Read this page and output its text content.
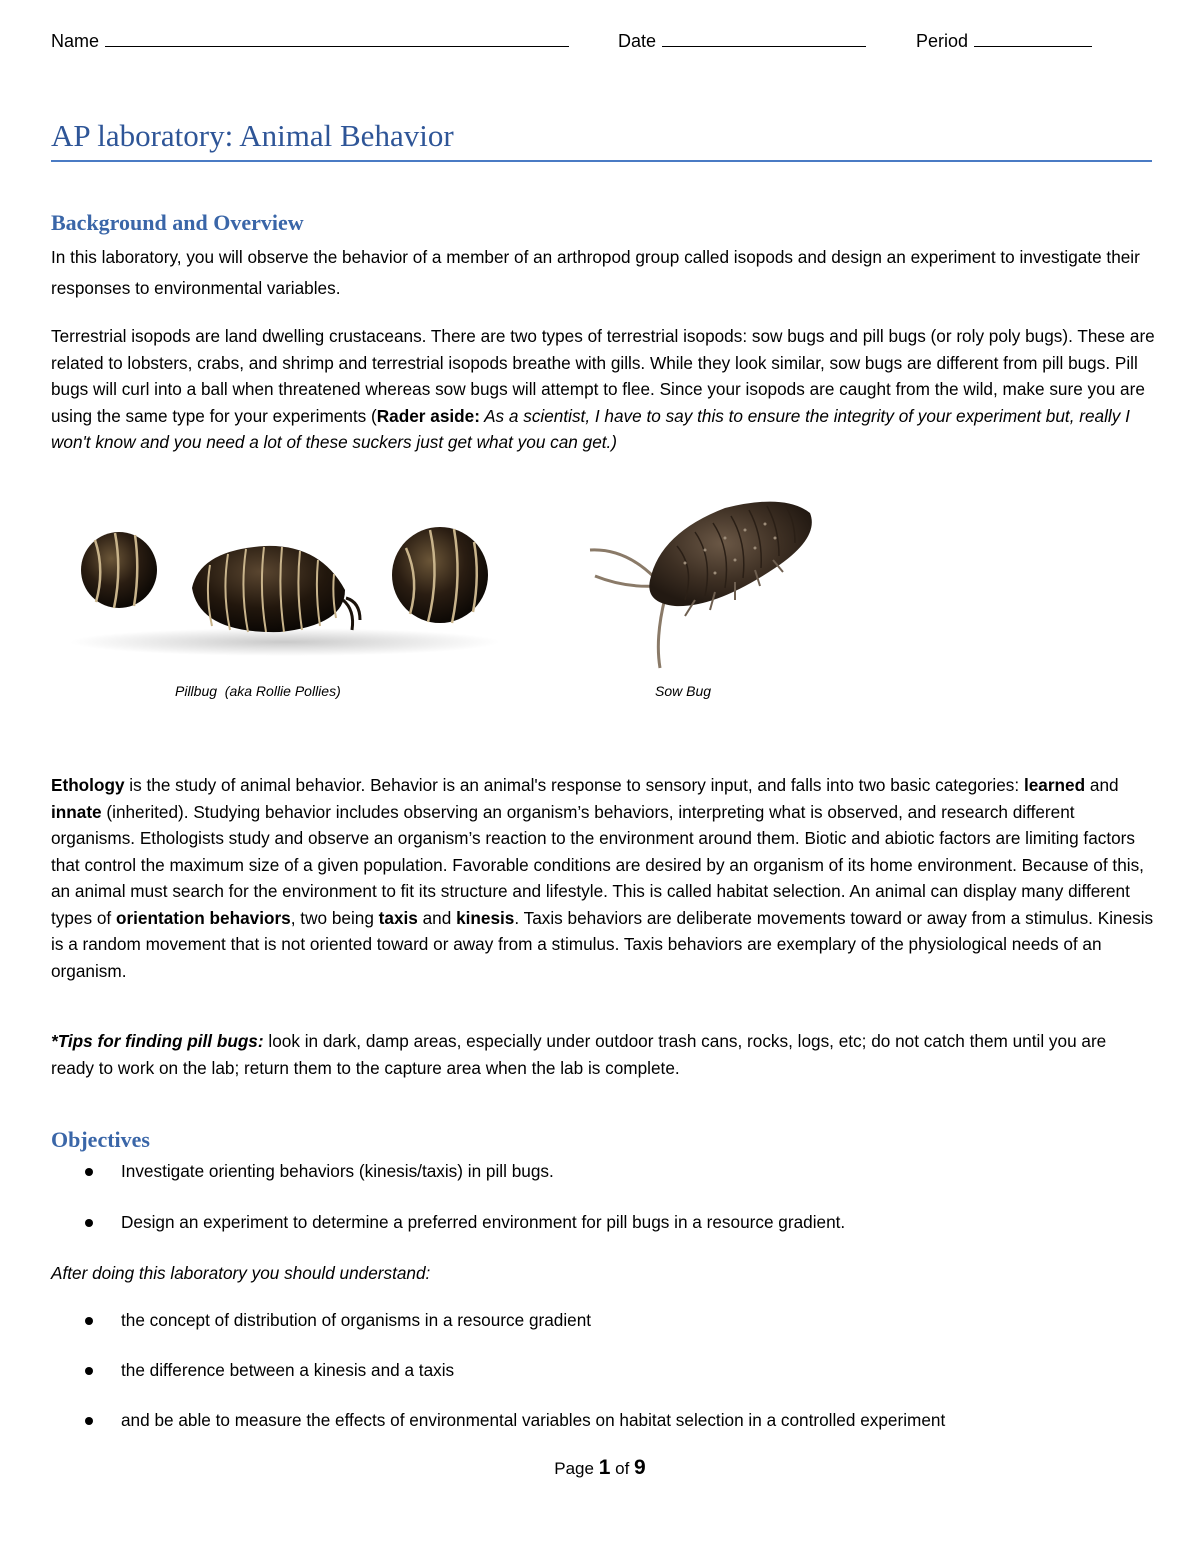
Name	Date	Period
AP laboratory: Animal Behavior
Background and Overview

In this laboratory, you will observe the behavior of a member of an arthropod group called isopods and design an experiment to investigate their responses to environmental variables.

Terrestrial isopods are land dwelling crustaceans. There are two types of terrestrial isopods: sow bugs and pill bugs (or roly poly bugs). These are related to lobsters, crabs, and shrimp and terrestrial isopods breathe with gills. While they look similar, sow bugs are different from pill bugs. Pill bugs will curl into a ball when threatened whereas sow bugs will attempt to flee. Since your isopods are caught from the wild, make sure you are using the same type for your experiments (Rader aside: As a scientist, I have to say this to ensure the integrity of your experiment but, really I won't know and you need a lot of these suckers just get what you can get.)

Pillbug  (aka Rollie Pollies)	Sow Bug

Ethology is the study of animal behavior. Behavior is an animal's response to sensory input, and falls into two basic categories: learned and innate (inherited). Studying behavior includes observing an organism’s behaviors, interpreting what is observed, and research different organisms. Ethologists study and observe an organism’s reaction to the environment around them. Biotic and abiotic factors are limiting factors that control the maximum size of a given population. Favorable conditions are desired by an organism of its home environment. Because of this, an animal must search for the environment to fit its structure and lifestyle. This is called habitat selection. An animal can display many different types of orientation behaviors, two being taxis and kinesis. Taxis behaviors are deliberate movements toward or away from a stimulus. Kinesis is a random movement that is not oriented toward or away from a stimulus. Taxis behaviors are exemplary of the physiological needs of an organism.

*Tips for finding pill bugs: look in dark, damp areas, especially under outdoor trash cans, rocks, logs, etc; do not catch them until you are ready to work on the lab; return them to the capture area when the lab is complete.

Objectives
Investigate orienting behaviors (kinesis/taxis) in pill bugs.
Design an experiment to determine a preferred environment for pill bugs in a resource gradient.

After doing this laboratory you should understand:

the concept of distribution of organisms in a resource gradient
the difference between a kinesis and a taxis
and be able to measure the effects of environmental variables on habitat selection in a controlled experiment
Page 1 of 9
